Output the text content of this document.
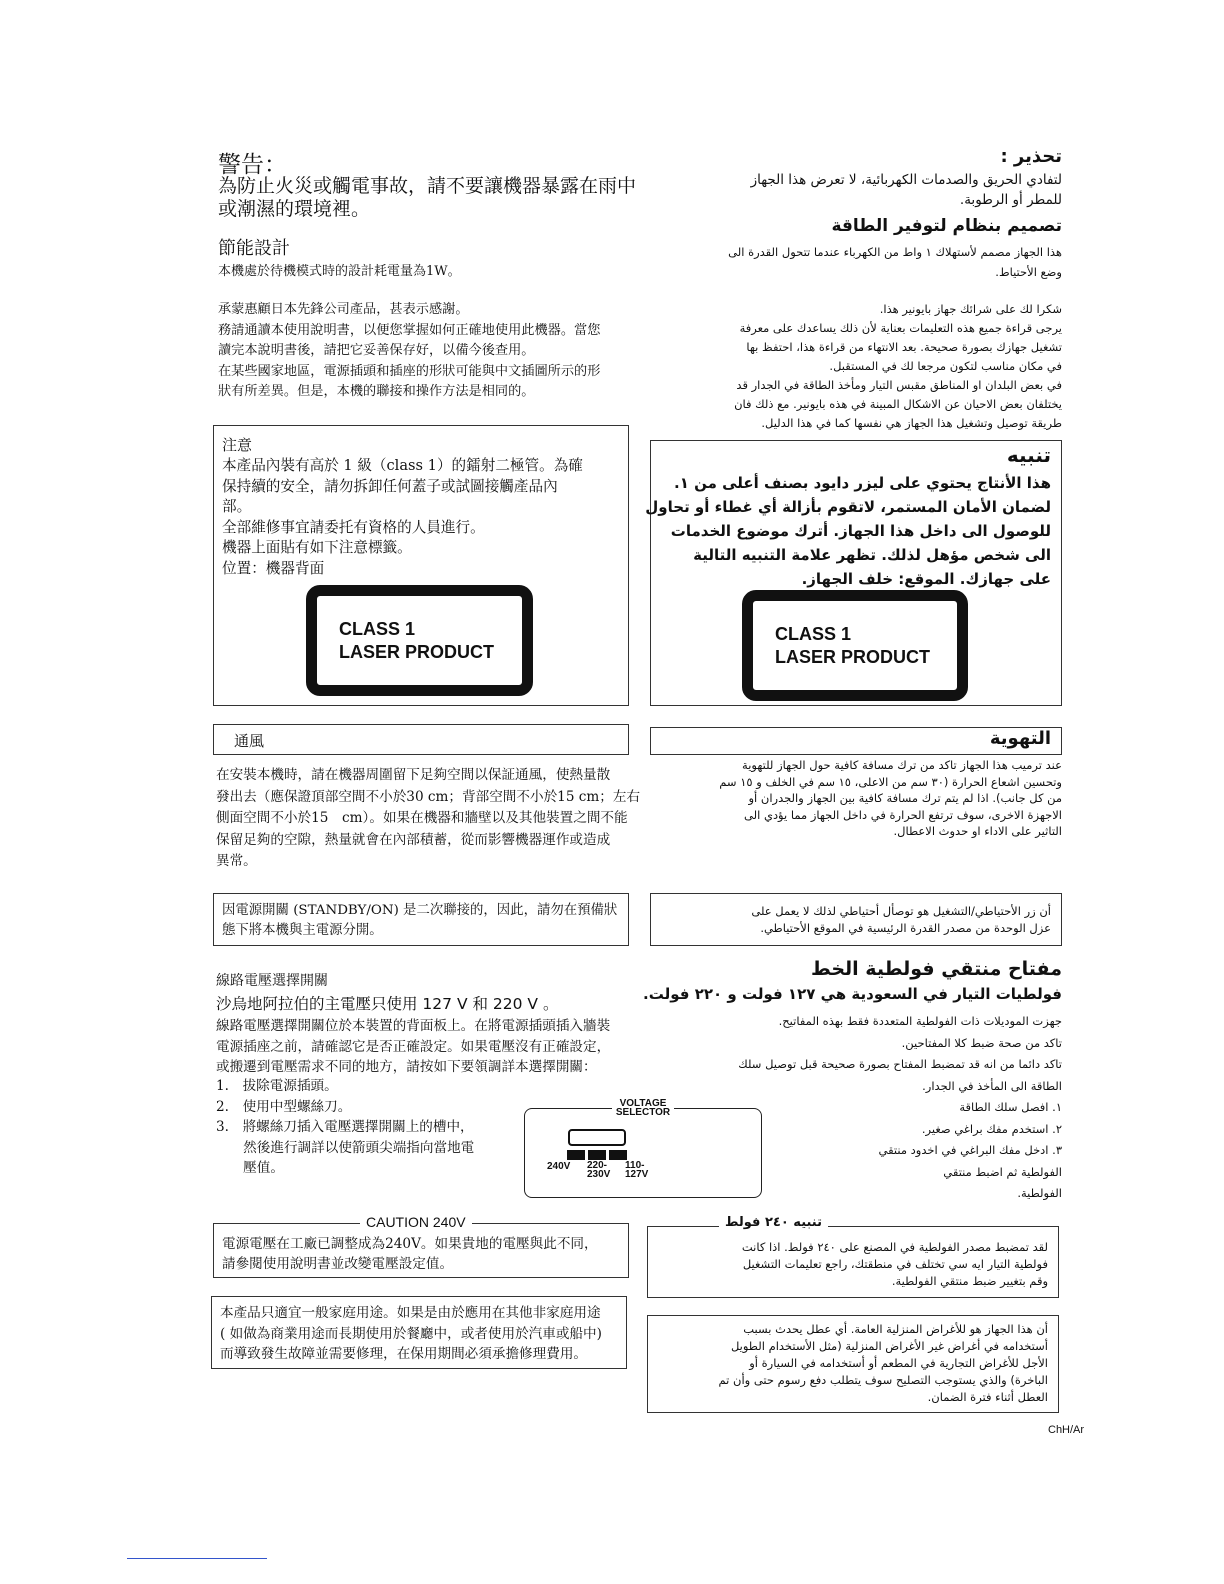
警告：
為防止火災或觸電事故，請不要讓機器暴露在雨中
或潮濕的環境裡。
節能設計
本機處於待機模式時的設計耗電量為1W。
承蒙惠顧日本先鋒公司產品，甚表示感謝。
務請通讀本使用說明書，以便您掌握如何正確地使用此機器。當您
讀完本說明書後，請把它妥善保存好，以備今後查用。
在某些國家地區，電源插頭和插座的形狀可能與中文插圖所示的形
狀有所差異。但是，本機的聯接和操作方法是相同的。
注意
本產品內裝有高於 1 級（class 1）的鐳射二極管。為確
保持續的安全，請勿拆卸任何蓋子或試圖接觸產品內
部。
全部維修事宜請委托有資格的人員進行。
機器上面貼有如下注意標籤。
位置：機器背面
CLASS 1
LASER PRODUCT
通風
在安裝本機時，請在機器周圍留下足夠空間以保証通風，使熱量散
發出去（應保證頂部空間不小於30 cm；背部空間不小於15 cm；左右
側面空間不小於15　cm）。如果在機器和牆壁以及其他裝置之間不能
保留足夠的空隙，熱量就會在內部積蓄，從而影響機器運作或造成
異常。
因電源開關 (STANDBY/ON) 是二次聯接的，因此，請勿在預備狀
態下將本機與主電源分開。
線路電壓選擇開關
沙烏地阿拉伯的主電壓只使用 127 V 和 220 V 。
線路電壓選擇開關位於本裝置的背面板上。在將電源插頭插入牆裝
電源插座之前，請確認它是否正確設定。如果電壓沒有正確設定，
或搬遷到電壓需求不同的地方，請按如下要領調詳本選擇開關：
1.　拔除電源插頭。
2.　使用中型螺絲刀。
3.　將螺絲刀插入電壓選擇開關上的槽中，
　　然後進行調詳以使箭頭尖端指向當地電
　　壓值。
VOLTAGE
SELECTOR
240V 220-
230V
110-
127V
CAUTION 240V
電源電壓在工廠已調整成為240V。如果貴地的電壓與此不同，
請參閱使用說明書並改變電壓設定值。
本產品只適宜一般家庭用途。如果是由於應用在其他非家庭用途
( 如做為商業用途而長期使用於餐廳中，或者使用於汽車或船中)
而導致發生故障並需要修理，在保用期間必須承擔修理費用。
تحذير :
لتفادي الحريق والصدمات الكهربائية، لا تعرض هذا الجهاز
للمطر أو الرطوبة.
تصميم بنظام لتوفير الطاقة
هذا الجهاز مصمم لأستهلاك ١ واط من الكهرباء عندما تتحول القدرة الى
وضع الأحتياط.
شكرا لك على شرائك جهاز بايونير هذا.
يرجى قراءة جميع هذه التعليمات بعناية لأن ذلك يساعدك على معرفة
تشغيل جهازك بصورة صحيحة. بعد الانتهاء من قراءة هذا، احتفظ بها
في مكان مناسب لتكون مرجعا لك في المستقبل.
في بعض البلدان او المناطق مقبس التيار ومأخذ الطاقة في الجدار قد
يختلفان بعض الاحيان عن الاشكال المبينة في هذه بايونير. مع ذلك فان
طريقة توصيل وتشغيل هذا الجهاز هي نفسها كما في هذا الدليل.
تنبيه
هذا الأنتاج يحتوي على ليزر دايود بصنف أعلى من ١.
لضمان الأمان المستمر، لاتقوم بأزالة أي غطاء أو تحاول
للوصول الى داخل هذا الجهاز. أترك موضوع الخدمات
الى شخص مؤهل لذلك. تظهر علامة التنبيه التالية
على جهازك. الموقع: خلف الجهاز.
CLASS 1
LASER PRODUCT
التهوية
عند ترميب هذا الجهاز تاكد من ترك مسافة كافية حول الجهاز للتهوية
وتحسين اشعاع الحرارة (٣٠ سم من الاعلى، ١٥ سم في الخلف و ١٥ سم
من كل جانب). اذا لم يتم ترك مسافة كافية بين الجهاز والجدران أو
الاجهزة الاخرى، سوف ترتفع الحرارة في داخل الجهاز مما يؤدي الى
التاثير على الاداء او حدوث الاعطال.
أن زر الأحتياطي/التشغيل هو توصأل أحتياطي لذلك لا يعمل على
عزل الوحدة من مصدر القدرة الرئيسية في الموقع الأحتياطي.
مفتاح منتقي فولطية الخط
فولطيات التيار في السعودية هي ١٢٧ فولت و ٢٢٠ فولت.
جهزت الموديلات ذات الفولطية المتعددة فقط بهذه المفاتيح.
تاكد من صحة ضبط كلا المفتاحين.
تاكد دائما من انه قد تمضبط المفتاح بصورة صحيحة قبل توصيل سلك
الطاقة الى المأخذ في الجدار.
١. افصل سلك الطاقة
٢. استخدم مفك براغي صغير.
٣. ادخل مفك البراغي في اخدود منتقي
الفولطية ثم اضبط منتقي
الفولطية.
تنبيه ٢٤٠ فولط
لقد تمضبط مصدر الفولطية في المصنع على ٢٤٠ فولط. اذا كانت
فولطية التيار ايه سي تختلف في منطقتك، راجع تعليمات التشغيل
وقم بتغيير ضبط منتقي الفولطية.
أن هذا الجهاز هو للأغراض المنزلية العامة. أي عطل يحدث بسبب
أستخدامه في أغراض غير الأغراض المنزلية (مثل الأستخدام الطويل
الأجل للأغراض التجارية في المطعم أو أستخدامه في السيارة أو
الباخرة) والذي يستوجب التصليح سوف يتطلب دفع رسوم حتى وأن تم
العطل أثناء فترة الضمان.
ChH/Ar
